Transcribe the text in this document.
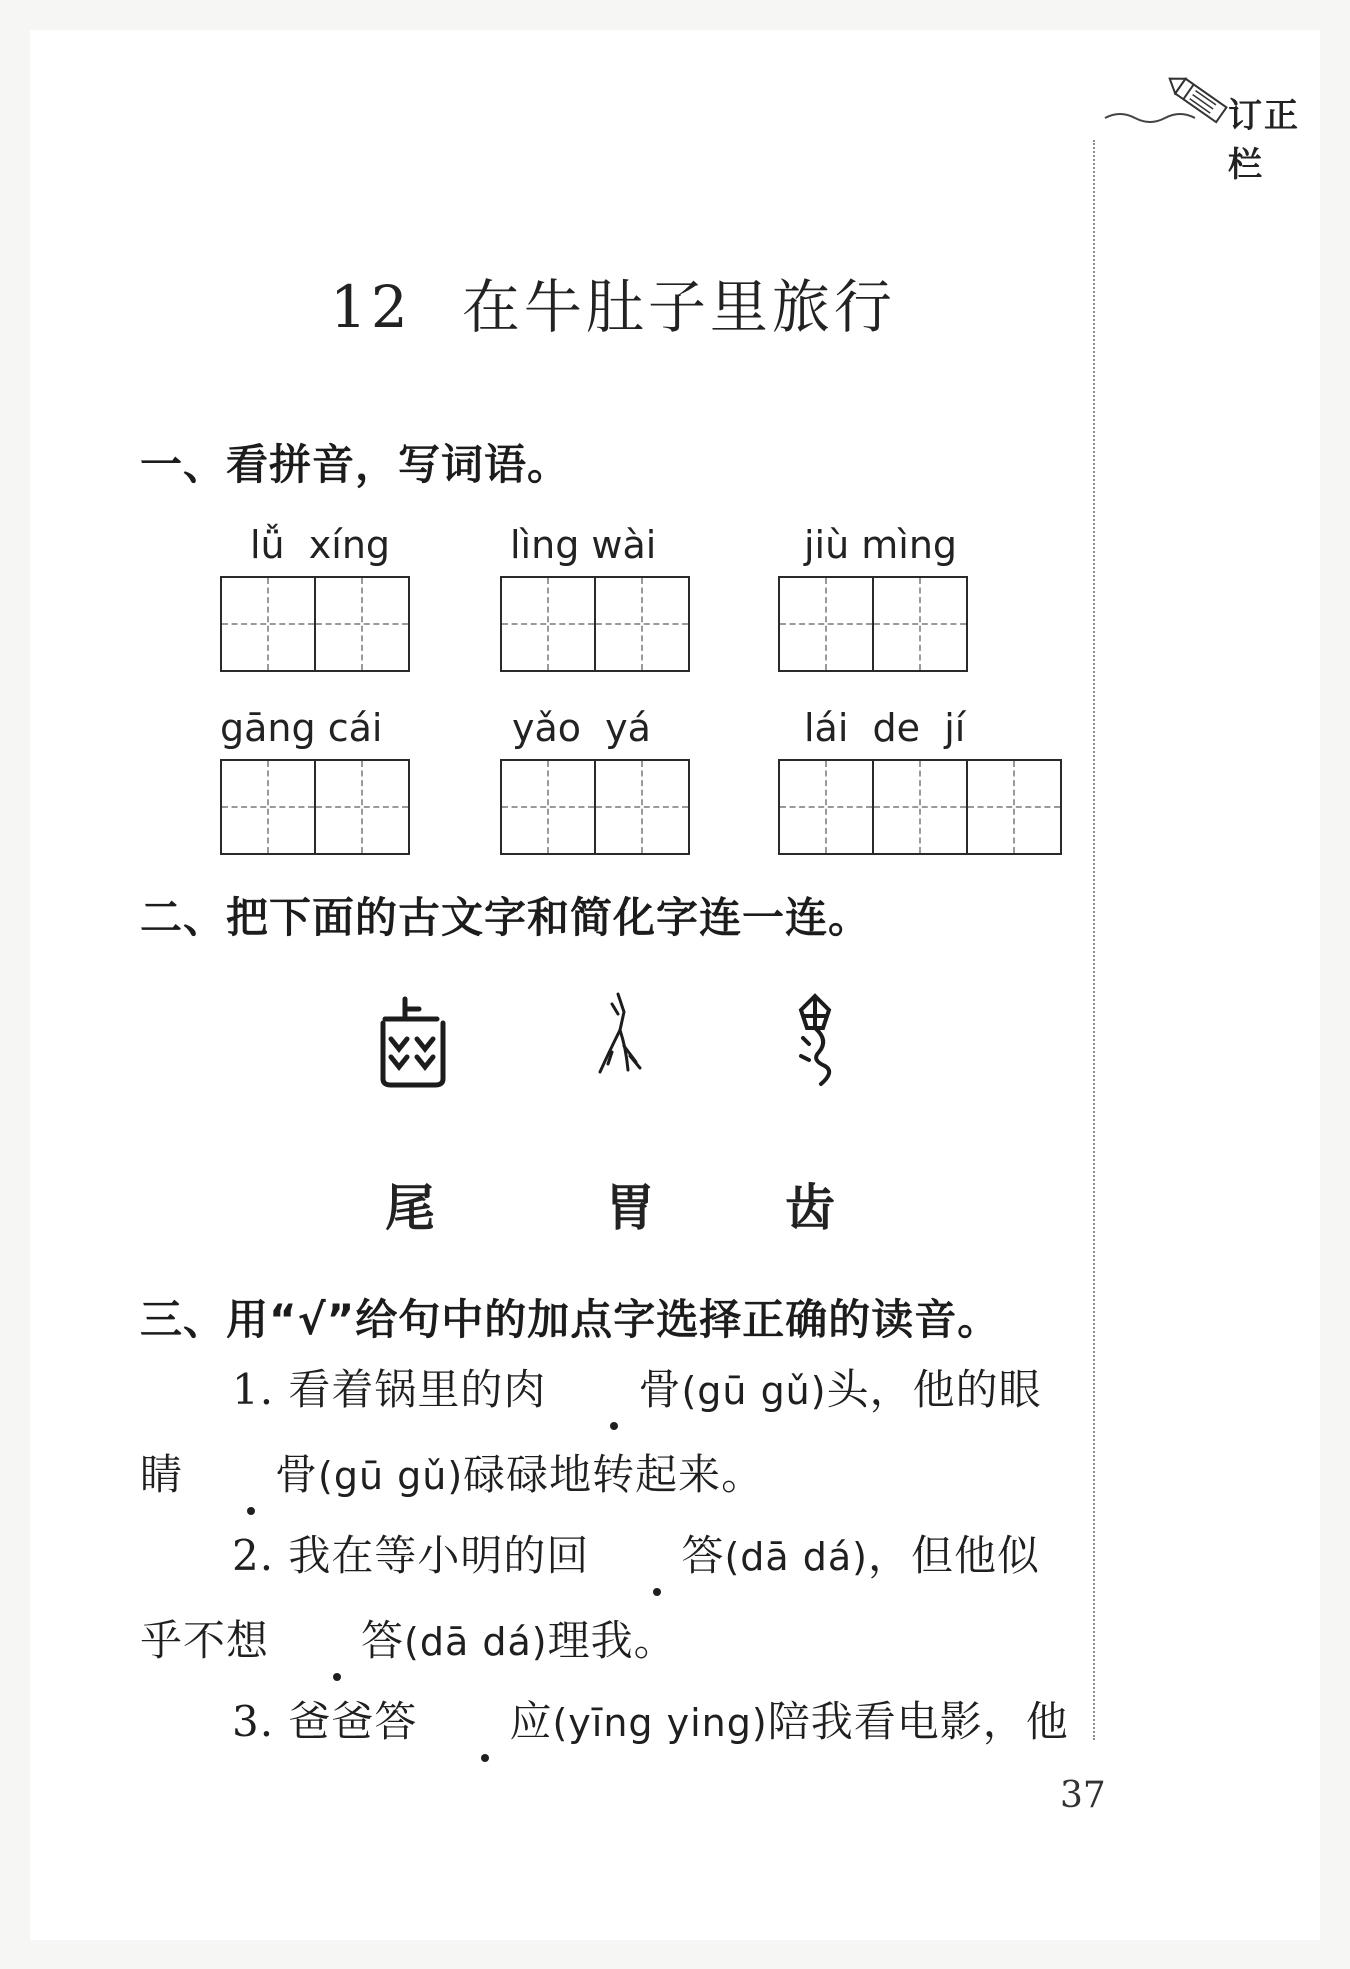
订正栏
12 在牛肚子里旅行
一、看拼音，写词语。
lǚ  xíng	lìng wài	jiù mìng
gāng cái	yǎo  yá	lái  de  jí
二、把下面的古文字和简化字连一连。
尾	胃	齿
三、用“√”给句中的加点字选择正确的读音。
1. 看着锅里的肉 骨(gū gǔ)头，他的眼睛 骨(gū gǔ)碌碌地转起来。
2. 我在等小明的回 答(dā dá)，但他似乎不想 答(dā dá)理我。
3. 爸爸答 应(yīng ying)陪我看电影，他
37
